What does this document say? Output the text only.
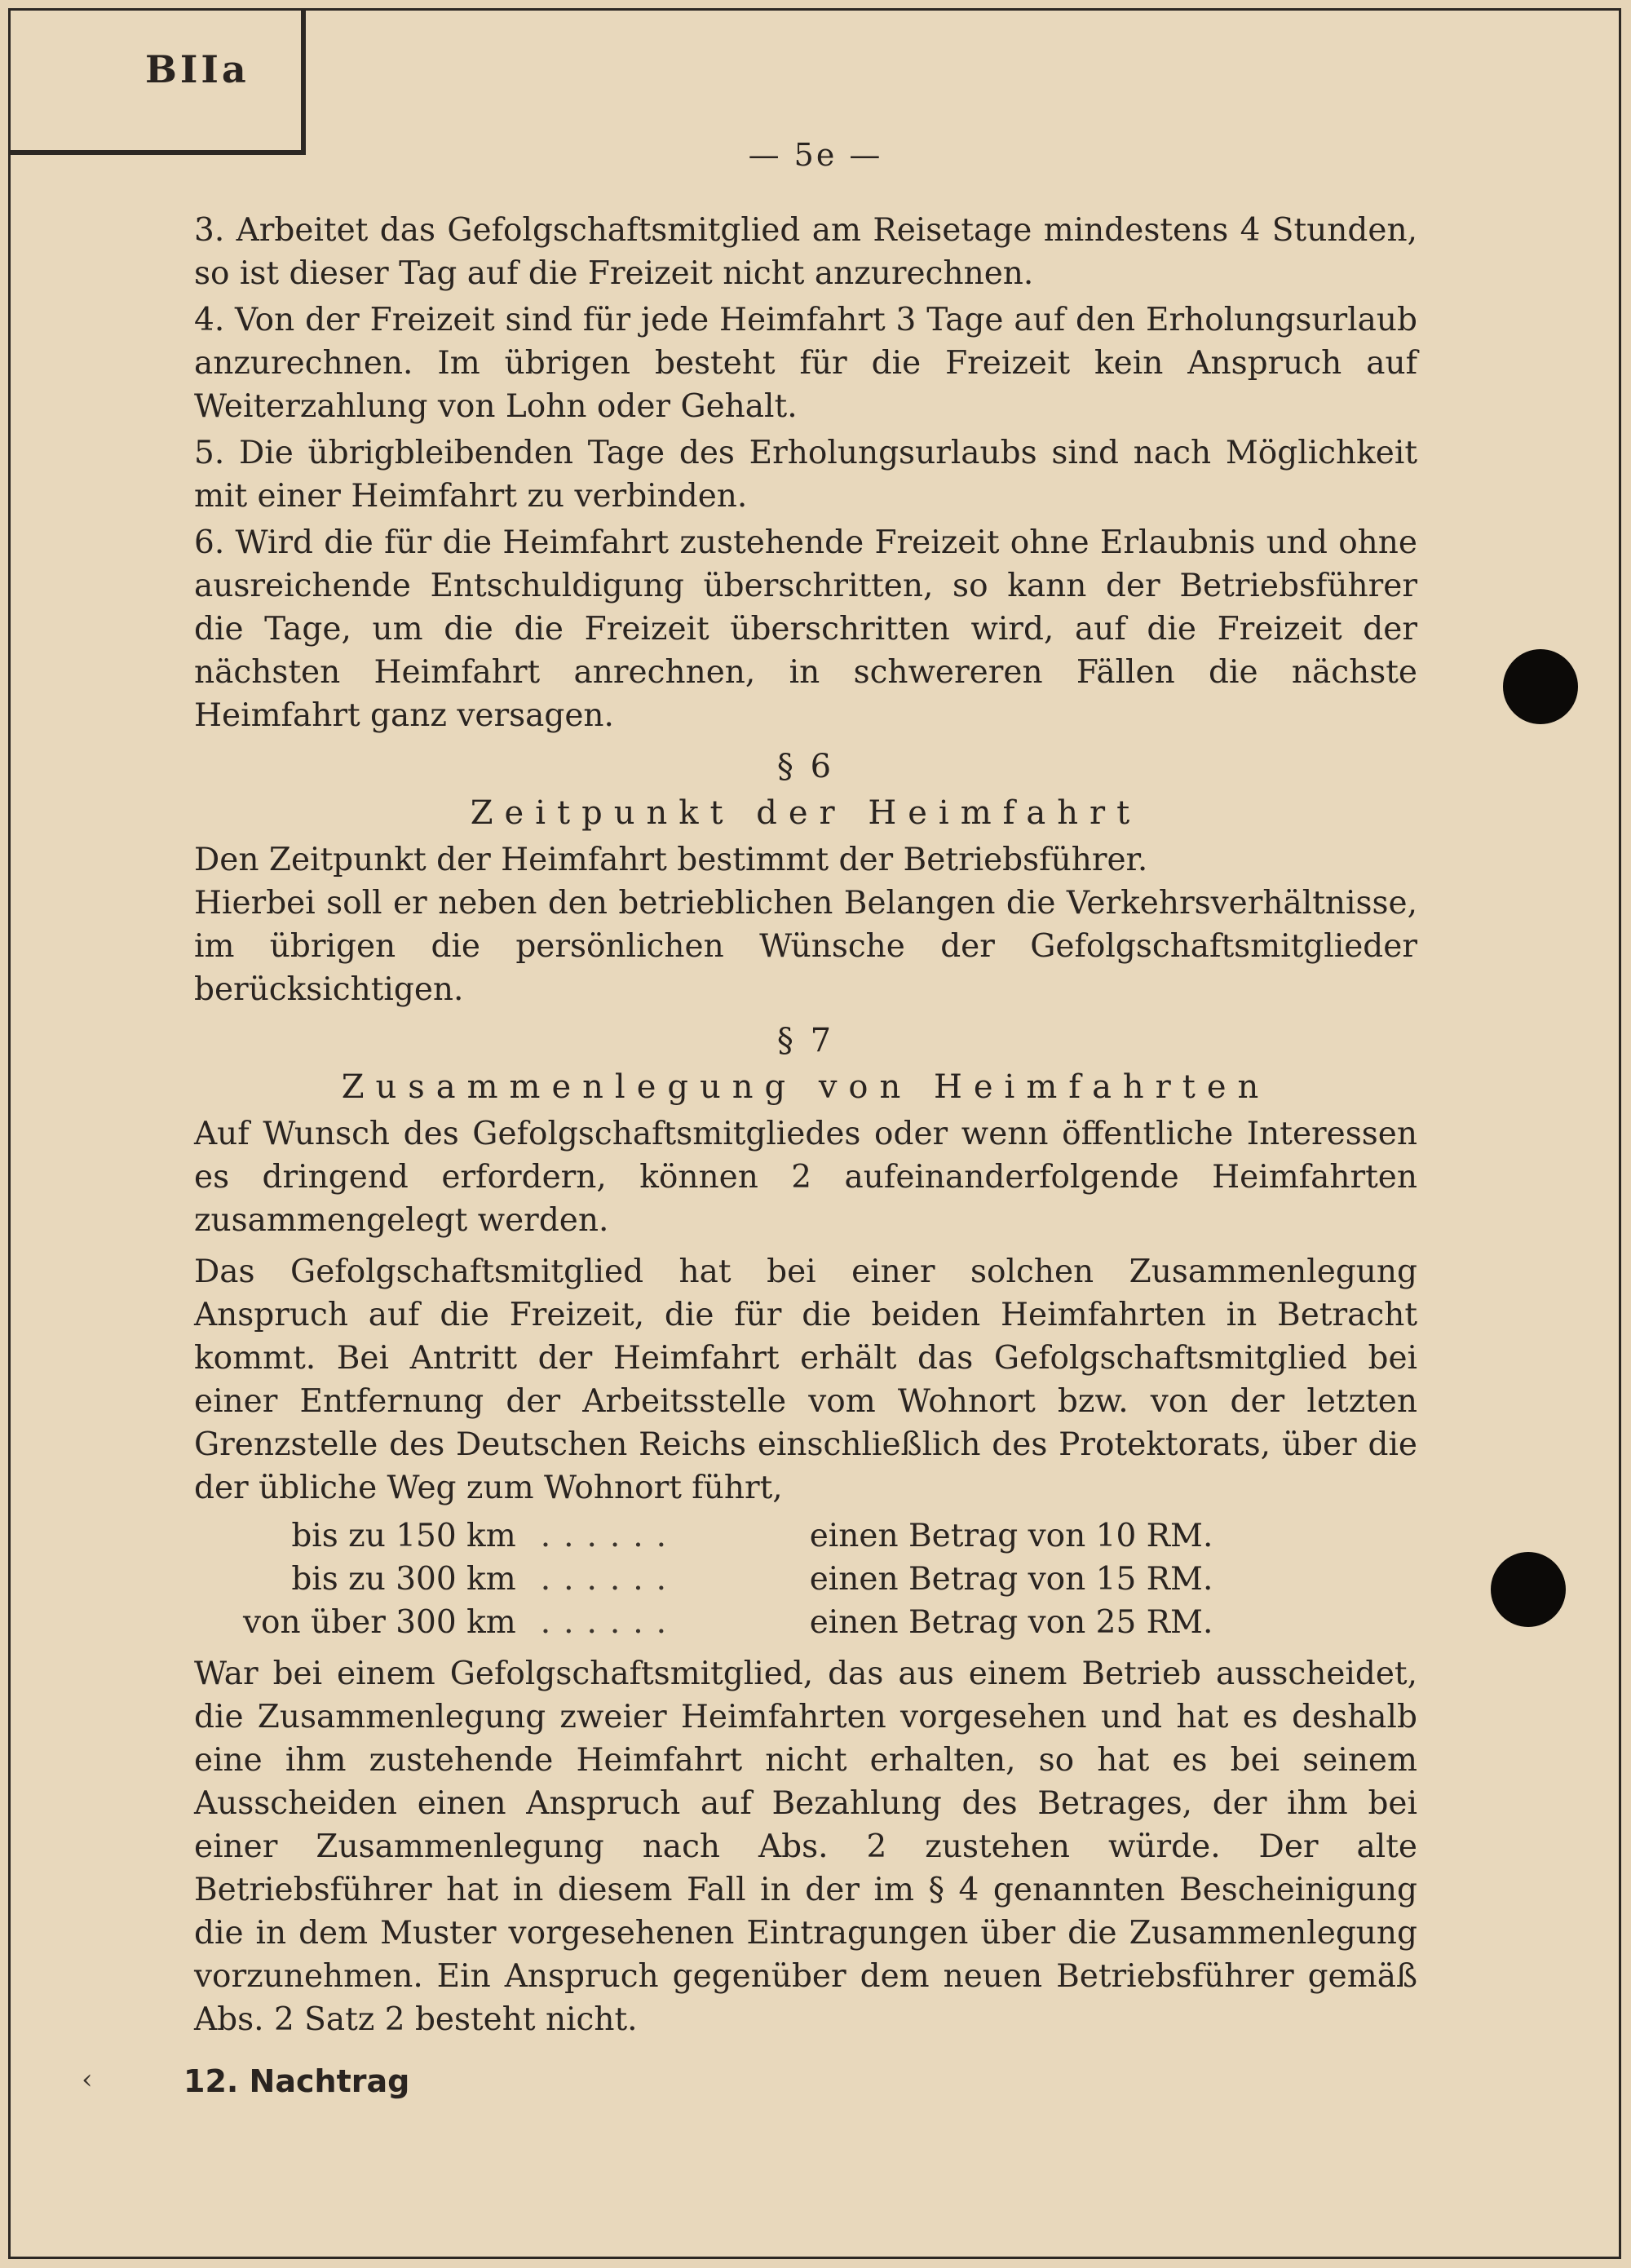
BIIa
— 5e —

3. Arbeitet das Gefolgschaftsmitglied am Reisetage mindestens 4 Stunden, so ist dieser Tag auf die Freizeit nicht anzurechnen.

4. Von der Freizeit sind für jede Heimfahrt 3 Tage auf den Erholungsurlaub anzurechnen. Im übrigen besteht für die Freizeit kein Anspruch auf Weiterzahlung von Lohn oder Gehalt.

5. Die übrigbleibenden Tage des Erholungsurlaubs sind nach Möglichkeit mit einer Heimfahrt zu verbinden.

6. Wird die für die Heimfahrt zustehende Freizeit ohne Erlaubnis und ohne ausreichende Entschuldigung überschritten, so kann der Betriebsführer die Tage, um die die Freizeit überschritten wird, auf die Freizeit der nächsten Heimfahrt anrechnen, in schwereren Fällen die nächste Heimfahrt ganz versagen.

§ 6
Zeitpunkt der Heimfahrt

Den Zeitpunkt der Heimfahrt bestimmt der Betriebsführer.

Hierbei soll er neben den betrieblichen Belangen die Verkehrsverhältnisse, im übrigen die persönlichen Wünsche der Gefolgschaftsmitglieder berücksichtigen.

§ 7
Zusammenlegung von Heimfahrten

Auf Wunsch des Gefolgschaftsmitgliedes oder wenn öffentliche Interessen es dringend erfordern, können 2 aufeinanderfolgende Heimfahrten zusammengelegt werden.

Das Gefolgschaftsmitglied hat bei einer solchen Zusammenlegung Anspruch auf die Freizeit, die für die beiden Heimfahrten in Betracht kommt. Bei Antritt der Heimfahrt erhält das Gefolgschaftsmitglied bei einer Entfernung der Arbeitsstelle vom Wohnort bzw. von der letzten Grenzstelle des Deutschen Reichs einschließlich des Protektorats, über die der übliche Weg zum Wohnort führt,

bis zu 150 km	......	einen Betrag von 10 RM.
bis zu 300 km	......	einen Betrag von 15 RM.
von über 300 km	......	einen Betrag von 25 RM.

War bei einem Gefolgschaftsmitglied, das aus einem Betrieb ausscheidet, die Zusammenlegung zweier Heimfahrten vorgesehen und hat es deshalb eine ihm zustehende Heimfahrt nicht erhalten, so hat es bei seinem Ausscheiden einen Anspruch auf Bezahlung des Betrages, der ihm bei einer Zusammenlegung nach Abs. 2 zustehen würde. Der alte Betriebsführer hat in diesem Fall in der im § 4 genannten Bescheinigung die in dem Muster vorgesehenen Eintragungen über die Zusammenlegung vorzunehmen. Ein Anspruch gegenüber dem neuen Betriebsführer gemäß Abs. 2 Satz 2 besteht nicht.

‹	12. Nachtrag
